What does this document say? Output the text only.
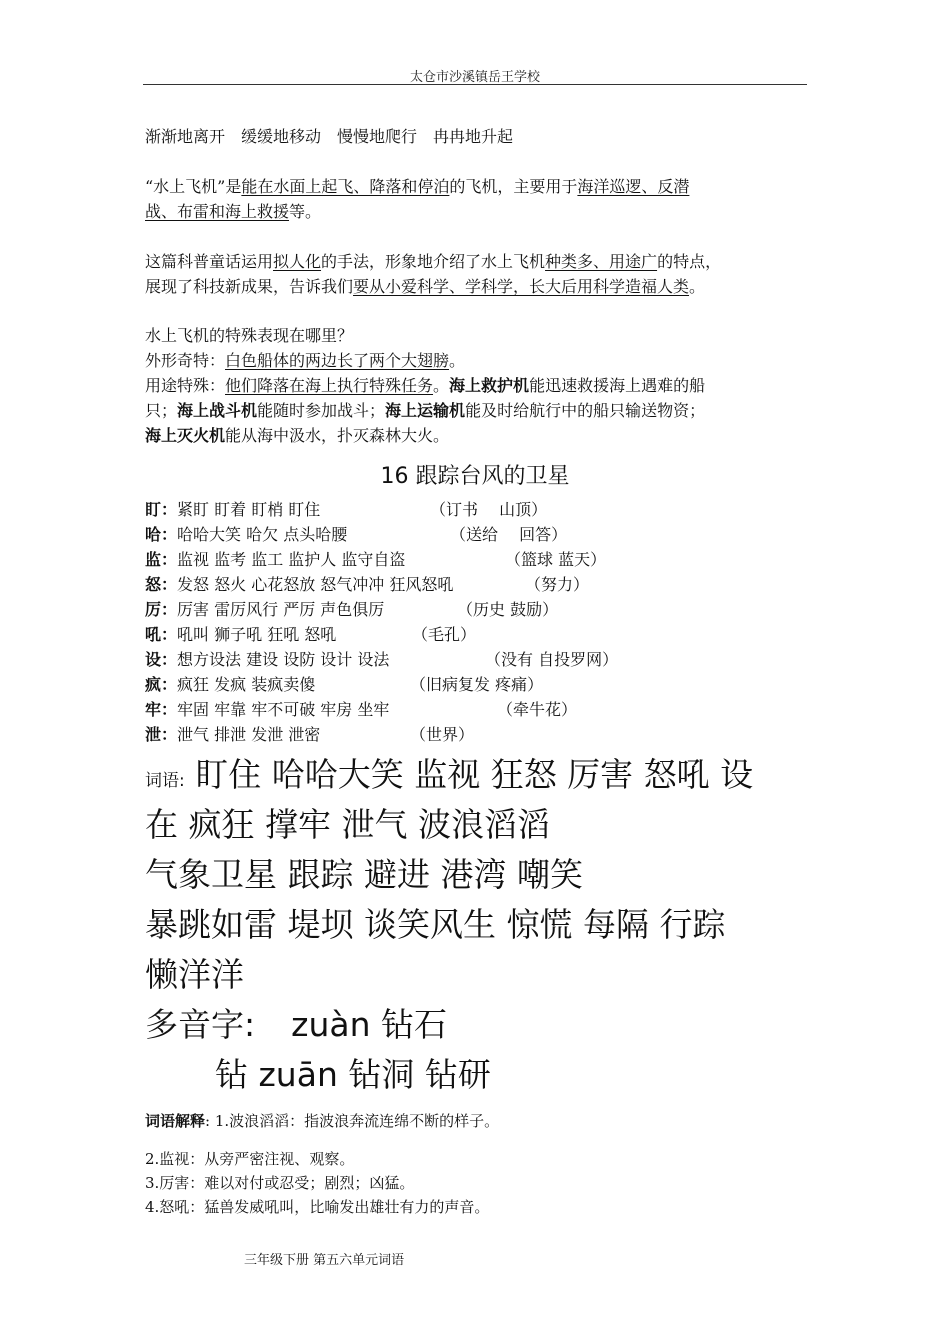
太仓市沙溪镇岳王学校
渐渐地离开　缓缓地移动　慢慢地爬行　冉冉地升起
“水上飞机”是能在水面上起飞、降落和停泊的飞机，主要用于海洋巡逻、反潜
战、布雷和海上救援等。
这篇科普童话运用拟人化的手法，形象地介绍了水上飞机种类多、用途广的特点，
展现了科技新成果，告诉我们要从小爱科学、学科学，长大后用科学造福人类。
水上飞机的特殊表现在哪里？
外形奇特：白色船体的两边长了两个大翅膀。
用途特殊：他们降落在海上执行特殊任务。海上救护机能迅速救援海上遇难的船
只；海上战斗机能随时参加战斗；海上运输机能及时给航行中的船只输送物资；
海上灭火机能从海中汲水，扑灭森林大火。
16 跟踪台风的卫星
盯：紧盯 盯着 盯梢 盯住	（订书　 山顶）
哈：哈哈大笑 哈欠 点头哈腰	（送给　 回答）
监：监视 监考 监工 监护人 监守自盗	（篮球 蓝天）
怒：发怒 怒火 心花怒放 怒气冲冲 狂风怒吼	（努力）
厉：厉害 雷厉风行 严厉 声色俱厉	（历史 鼓励）
吼：吼叫 狮子吼 狂吼 怒吼	（毛孔）
设：想方设法 建设 设防 设计 设法	（没有 自投罗网）
疯：疯狂 发疯 装疯卖傻	（旧病复发 疼痛）
牢：牢固 牢靠 牢不可破 牢房 坐牢	（牵牛花）
泄：泄气 排泄 发泄 泄密	（世界）
词语: 盯住 哈哈大笑 监视 狂怒 厉害 怒吼 设
在 疯狂 撑牢 泄气 波浪滔滔
气象卫星 跟踪 避进 港湾 嘲笑
暴跳如雷 堤坝 谈笑风生 惊慌 每隔 行踪
懒洋洋
多音字: zuàn 钻石
钻 zuān 钻洞 钻研
词语解释: 1.波浪滔滔：指波浪奔流连绵不断的样子。
2.监视：从旁严密注视、观察。
3.厉害：难以对付或忍受；剧烈；凶猛。
4.怒吼：猛兽发威吼叫，比喻发出雄壮有力的声音。
三年级下册 第五六单元词语
